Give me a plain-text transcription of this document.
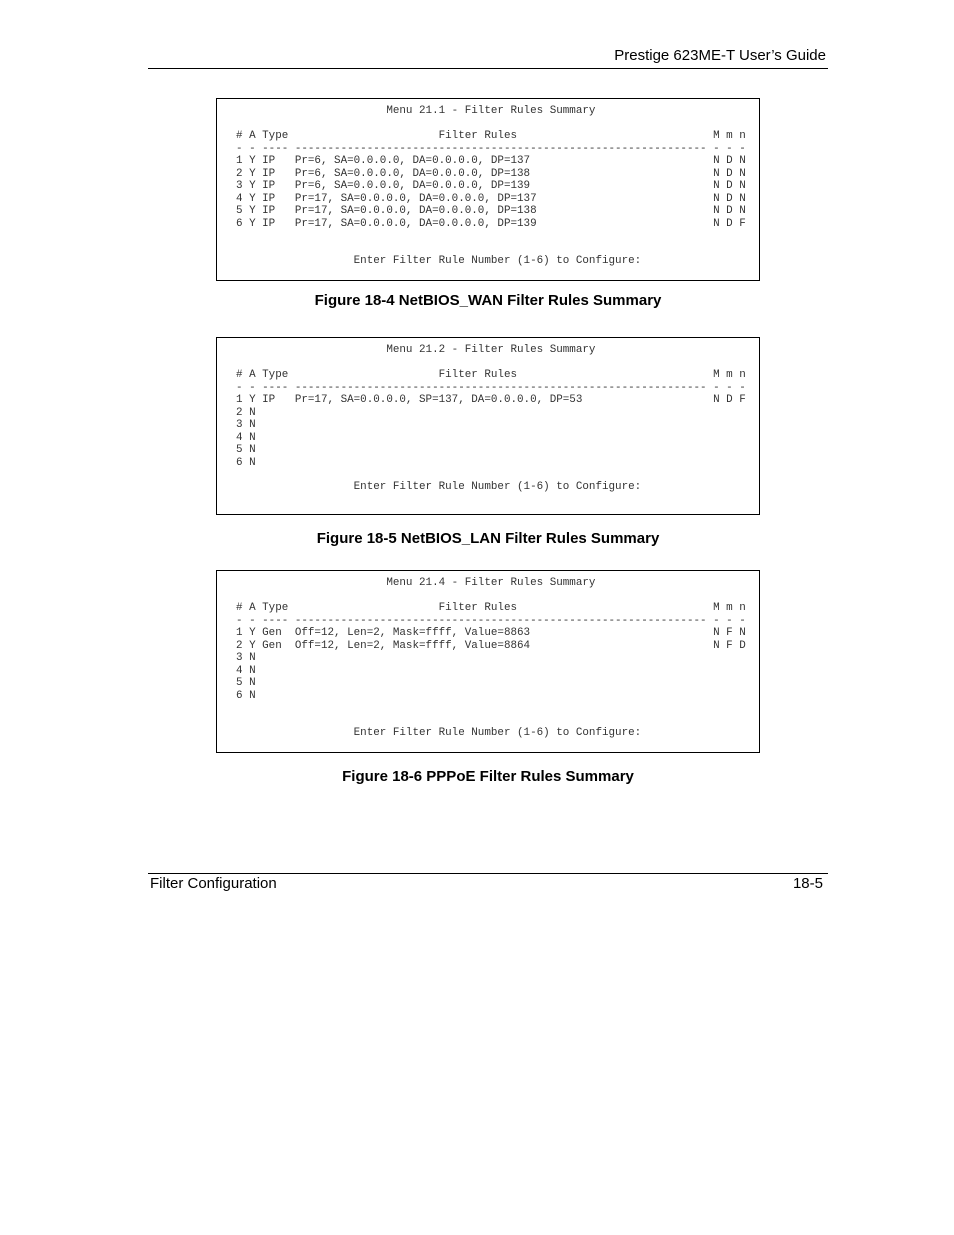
Prestige 623ME-T User’s Guide
Menu 21.1 - Filter Rules Summary

# A Type                       Filter Rules                              M m n
- - ---- --------------------------------------------------------------- - - -
1 Y IP   Pr=6, SA=0.0.0.0, DA=0.0.0.0, DP=137                            N D N
2 Y IP   Pr=6, SA=0.0.0.0, DA=0.0.0.0, DP=138                            N D N
3 Y IP   Pr=6, SA=0.0.0.0, DA=0.0.0.0, DP=139                            N D N
4 Y IP   Pr=17, SA=0.0.0.0, DA=0.0.0.0, DP=137                           N D N
5 Y IP   Pr=17, SA=0.0.0.0, DA=0.0.0.0, DP=138                           N D N
6 Y IP   Pr=17, SA=0.0.0.0, DA=0.0.0.0, DP=139                           N D F
Enter Filter Rule Number (1-6) to Configure:
Figure 18-4 NetBIOS_WAN Filter Rules Summary
Menu 21.2 - Filter Rules Summary

# A Type                       Filter Rules                              M m n
- - ---- --------------------------------------------------------------- - - -
1 Y IP   Pr=17, SA=0.0.0.0, SP=137, DA=0.0.0.0, DP=53                    N D F
2 N
3 N
4 N
5 N
6 N
Enter Filter Rule Number (1-6) to Configure:
Figure 18-5 NetBIOS_LAN Filter Rules Summary
Menu 21.4 - Filter Rules Summary

# A Type                       Filter Rules                              M m n
- - ---- --------------------------------------------------------------- - - -
1 Y Gen  Off=12, Len=2, Mask=ffff, Value=8863                            N F N
2 Y Gen  Off=12, Len=2, Mask=ffff, Value=8864                            N F D
3 N
4 N
5 N
6 N
Enter Filter Rule Number (1-6) to Configure:
Figure 18-6 PPPoE Filter Rules Summary
Filter Configuration	18-5
